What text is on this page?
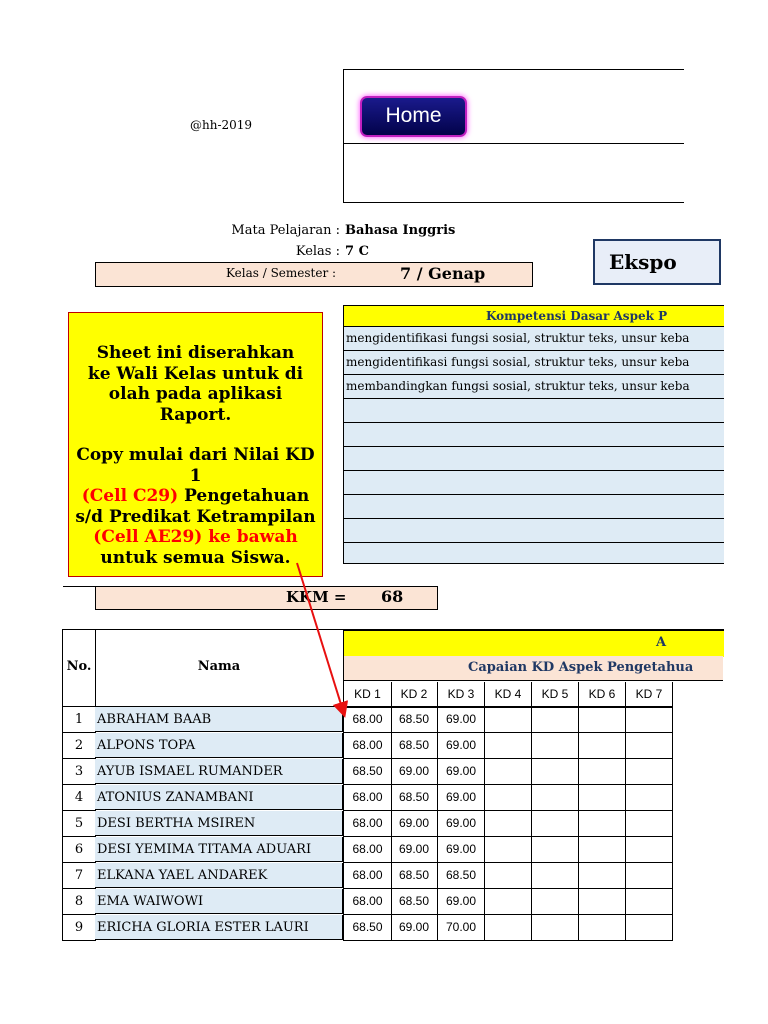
@hh-2019	Home
Mata Pelajaran : Bahasa Inggris
Kelas : 7 C
Kelas / Semester :	7 / Genap	Ekspo
Kompetensi Dasar Aspek P
mengidentifikasi fungsi sosial, struktur teks, unsur keba
mengidentifikasi fungsi sosial, struktur teks, unsur keba
membandingkan fungsi sosial, struktur teks, unsur keba
Sheet ini diserahkan ke Wali Kelas untuk di olah pada aplikasi Raport.
Copy mulai dari Nilai KD 1
(Cell C29) Pengetahuan s/d Predikat Ketrampilan
(Cell AE29) ke bawah
untuk semua Siswa.
KKM = 68
No.	Nama
A
Capaian KD Aspek Pengetahua
KD 1	KD 2	KD 3	KD 4	KD 5	KD 6	KD 7
1	ABRAHAM BAAB	68.00	68.50	69.00
2	ALPONS TOPA	68.00	68.50	69.00
3	AYUB ISMAEL RUMANDER	68.50	69.00	69.00
4	ATONIUS ZANAMBANI	68.00	68.50	69.00
5	DESI BERTHA MSIREN	68.00	69.00	69.00
6	DESI YEMIMA TITAMA ADUARI	68.00	69.00	69.00
7	ELKANA YAEL ANDAREK	68.00	68.50	68.50
8	EMA WAIWOWI	68.00	68.50	69.00
9	ERICHA GLORIA ESTER LAURI	68.50	69.00	70.00
